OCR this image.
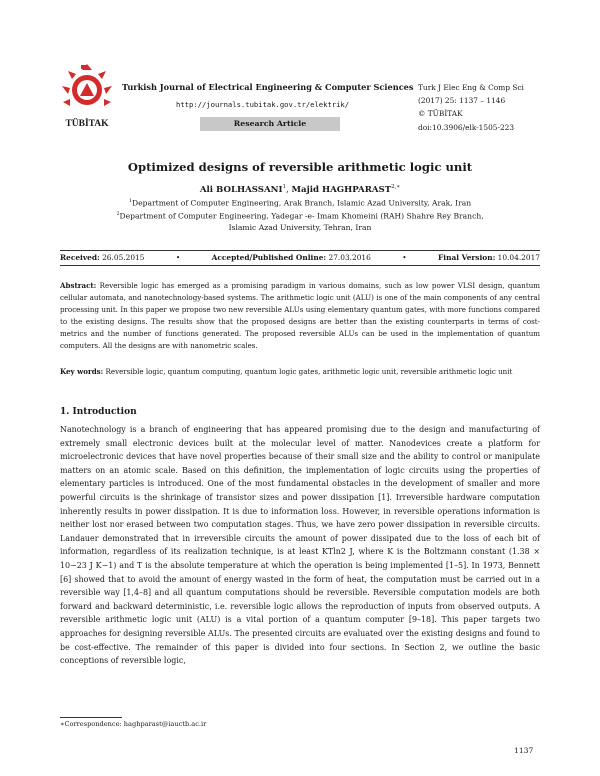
TÜBİTAK
Turkish Journal of Electrical Engineering & Computer Sciences
http://journals.tubitak.gov.tr/elektrik/
Research Article
Turk J Elec Eng & Comp Sci
(2017) 25: 1137 – 1146
© TÜBİTAK
doi:10.3906/elk-1505-223
Optimized designs of reversible arithmetic logic unit
Ali BOLHASSANI$^1$, Majid $HAGHPARAST^{2,∗}$
$^1$Department of Computer Engineering, Arak Branch, Islamic Azad University, Arak, Iran
$^2$Department of Computer Engineering, Yadegar -e- Imam Khomeini (RAH) Shahre Rey Branch,
Islamic Azad University, Tehran, Iran
Received: 26.05.2015	•	Accepted/Published Online: 27.03.2016	•	Final Version: 10.04.2017
Abstract: Reversible logic has emerged as a promising paradigm in various domains, such as low power VLSI design, quantum cellular automata, and nanotechnology-based systems. The arithmetic logic unit (ALU) is one of the main components of any central processing unit. In this paper we propose two new reversible ALUs using elementary quantum gates, with more functions compared to the existing designs. The results show that the proposed designs are better than the existing counterparts in terms of cost-metrics and the number of functions generated. The proposed reversible ALUs can be used in the implementation of quantum computers. All the designs are with nanometric scales.
Key words: Reversible logic, quantum computing, quantum logic gates, arithmetic logic unit, reversible arithmetic logic unit
1. Introduction
Nanotechnology is a branch of engineering that has appeared promising due to the design and manufacturing of extremely small electronic devices built at the molecular level of matter. Nanodevices create a platform for microelectronic devices that have novel properties because of their small size and the ability to control or manipulate matters on an atomic scale. Based on this definition, the implementation of logic circuits using the properties of elementary particles is introduced. One of the most fundamental obstacles in the development of smaller and more powerful circuits is the shrinkage of transistor sizes and power dissipation [1]. Irreversible hardware computation inherently results in power dissipation. It is due to information loss. However, in reversible operations information is neither lost nor erased between two computation stages. Thus, we have zero power dissipation in reversible circuits. Landauer demonstrated that in irreversible circuits the amount of power dissipated due to the loss of each bit of information, regardless of its realization technique, is at least KTln2 J, where K is the Boltzmann constant (1.38 × 10−23 J K−1) and T is the absolute temperature at which the operation is being implemented [1–5]. In 1973, Bennett [6] showed that to avoid the amount of energy wasted in the form of heat, the computation must be carried out in a reversible way [1,4–8] and all quantum computations should be reversible. Reversible computation models are both forward and backward deterministic, i.e. reversible logic allows the reproduction of inputs from observed outputs. A reversible arithmetic logic unit (ALU) is a vital portion of a quantum computer [9–18]. This paper targets two approaches for designing reversible ALUs. The presented circuits are evaluated over the existing designs and found to be cost-effective. The remainder of this paper is divided into four sections. In Section 2, we outline the basic conceptions of reversible logic,
∗Correspondence: haghparast@iauctb.ac.ir
1137
